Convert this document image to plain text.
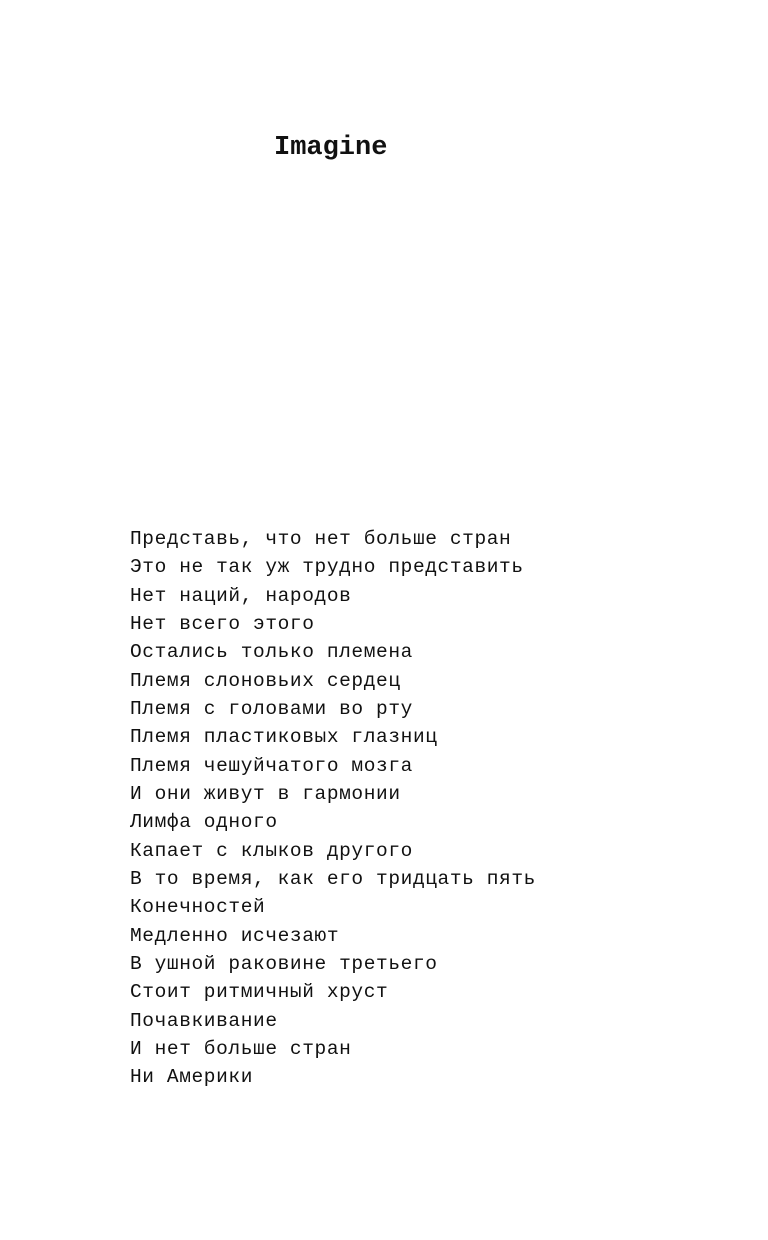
Imagine
Представь, что нет больше стран
Это не так уж трудно представить
Нет наций, народов
Нет всего этого
Остались только племена
Племя слоновьих сердец
Племя с головами во рту
Племя пластиковых глазниц
Племя чешуйчатого мозга
И они живут в гармонии
Лимфа одного
Капает с клыков другого
В то время, как его тридцать пять
Конечностей
Медленно исчезают
В ушной раковине третьего
Стоит ритмичный хруст
Почавкивание
И нет больше стран
Ни Америки
